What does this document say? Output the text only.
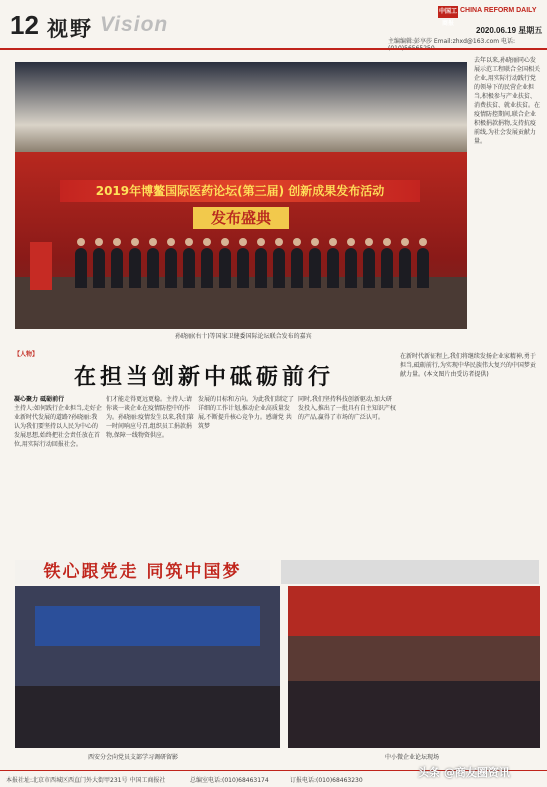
12 视野 Vision
中国工商报
CHINA REFORM DAILY
2020.06.19 星期五
主编编辑:彭享莎 Email:zhxd@163.com 电话:
2019年博鳌国际医药论坛(第三届) 创新成果发布活动
发布盛典
孙晓丽(右十)等国家卫健委国际论坛联合发布的嘉宾
去年以来,孙晓丽同心发展示范工程联合全国相关企业,用实际行动践行党的领导下的民营企业担当,积极参与产业扶贫、消费扶贫、就业扶贫。在疫情防控期间,联合企业积极捐款捐物,支持抗疫前线,为社会发展贡献力量。
【人物】
在担当创新中砥砺前行
凝心聚力 砥砺前行
主持人:如何践行企业担当,走好企业新时代发展的道路?孙晓丽:我认为我们要坚持以人民为中心的发展思想,始终把社会责任放在首位,用实际行动回报社会。
们才能走得更远更稳。主持人:请你谈一谈企业在疫情防控中的作为。孙晓丽:疫情发生以来,我们第一时间响应号召,组织员工捐款捐物,保障一线物资供应。
发展的目标和方向。为此我们制定了详细的工作计划,推动企业高质量发展,不断提升核心竞争力。感谢党 共筑梦
同时,我们坚持科技创新驱动,加大研发投入,推出了一批具有自主知识产权的产品,赢得了市场的广泛认可。
在新时代新征程上,我们将继续发扬企业家精神,勇于担当,砥砺前行,为实现中华民族伟大复兴的中国梦贡献力量。(本文图片由受访者提供)
铁心跟党走 同筑中国梦
西安分会向党员支部学习调研留影	中小微企业论坛现场
本报社址:北京市西城区西直门外大街甲231号 中国工商报社	总编室电话:(010)68463174	订报电话:(010)68463230
头条 @商友圈资讯
